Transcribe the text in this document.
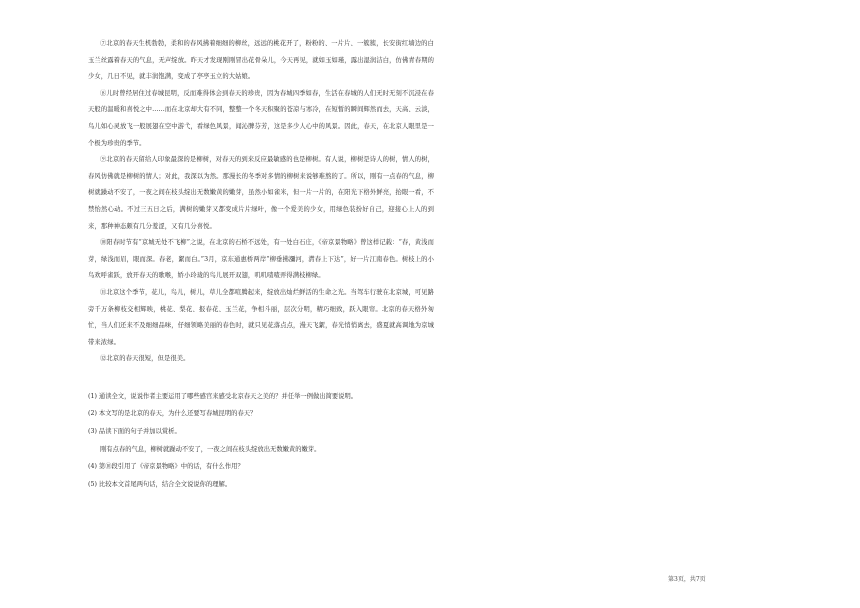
⑦北京的春天生机勃勃，柔和的春风拂着细细的柳丝，远远的桃花开了，粉粉的、一片片、一簇簇，长安街红墙边的白玉兰丝露着春天的气息，无声绽放。昨天才发现刚刚冒出花骨朵儿，今天再见，就如玉如瑾，露出湿润洁白，仿佛青春期的少女，几日不见，就丰润饱满，变成了亭亭玉立的大姑娘。

⑧儿时曾经居住过春城昆明，反而难得体会到春天的珍贵，因为春城四季如春，生活在春城的人们无时无刻不沉浸在春天般的温暖和喜悦之中……而在北京却大有不同，整整一个冬天积聚的苍凉与寒冷，在短暂的瞬间辉然而去，天高、云淡，鸟儿如心灵放飞一般展翅在空中游弋，看绿色风景，闻沁脾芬芳，这是多少人心中的风景。因此，春天，在北京人眼里是一个极为珍贵的季节。

⑨北京的春天留给人印象最深的是柳树，对春天的到来反应最敏感的也是柳树。有人说，柳树是诗人的树，情人的树，春风仿佛就是柳树的情人；对此，我深以为然。那漫长的冬季对多情的柳树来说够难熬的了。所以，刚有一点春的气息，柳树就躁动不安了，一夜之间在枝头绽出无数嫩黄的嫩芽，虽然小如雀米，但一片一片的，在阳光下格外鲜亮，抬眼一看，不禁怡然心动。不过三五日之后，满树的嫩芽又都变成片片绿叶，像一个爱美的少女，用绿色装扮好自己，迎接心上人的到来，那种神态颇有几分羞涩，又有几分喜悦。

⑩阳春时节有“京城无处不飞柳”之说，在北京的石桥不远处，有一处白石庄，《帝京景物略》曾这样记载：“春，黄浅而芽，绿浅而眉，眼而深。春老，絮而白。”3月，京东通惠桥两岸“柳垂拂瀰河，潸春上下达”，好一片江南春色。树枝上的小鸟欢呼雀跃，放开春天的歌喉，娇小玲珑的鸟儿展开双翅，叽叽喳喳弄得满枝柳绿。

⑪北京这个季节，花儿，鸟儿，树儿，草儿全都喧腾起来，绽放出灿烂鲜活的生命之光。当驾车行驶在北京城，可见路旁千万条柳枝交相辉映，桃花、梨花、报春花、玉兰花，争相斗丽，层次分明，精巧细致，跃入眼帘。北京的春天格外匆忙，当人们还来不及细细品味，仔细领略美丽的春色时，就只见花落点点，漫天飞絮，春光悄悄离去，盛夏就高调地为京城带来浓绿。

⑫北京的春天很短，但是很美。

(1) 通读全文，说说作者主要运用了哪些感官来感受北京春天之美的？并任举一例做出简要说明。

(2) 本文写的是北京的春天，为什么还要写春城昆明的春天？

(3) 品读下面的句子并加以赏析。

刚有点春的气息，柳树就躁动不安了，一夜之间在枝头绽放出无数嫩黄的嫩芽。

(4) 第⑩段引用了《帝京景物略》中的话，有什么作用？

(5) 比较本文首尾两句话，结合全文说说你的理解。

第3页，共7页
